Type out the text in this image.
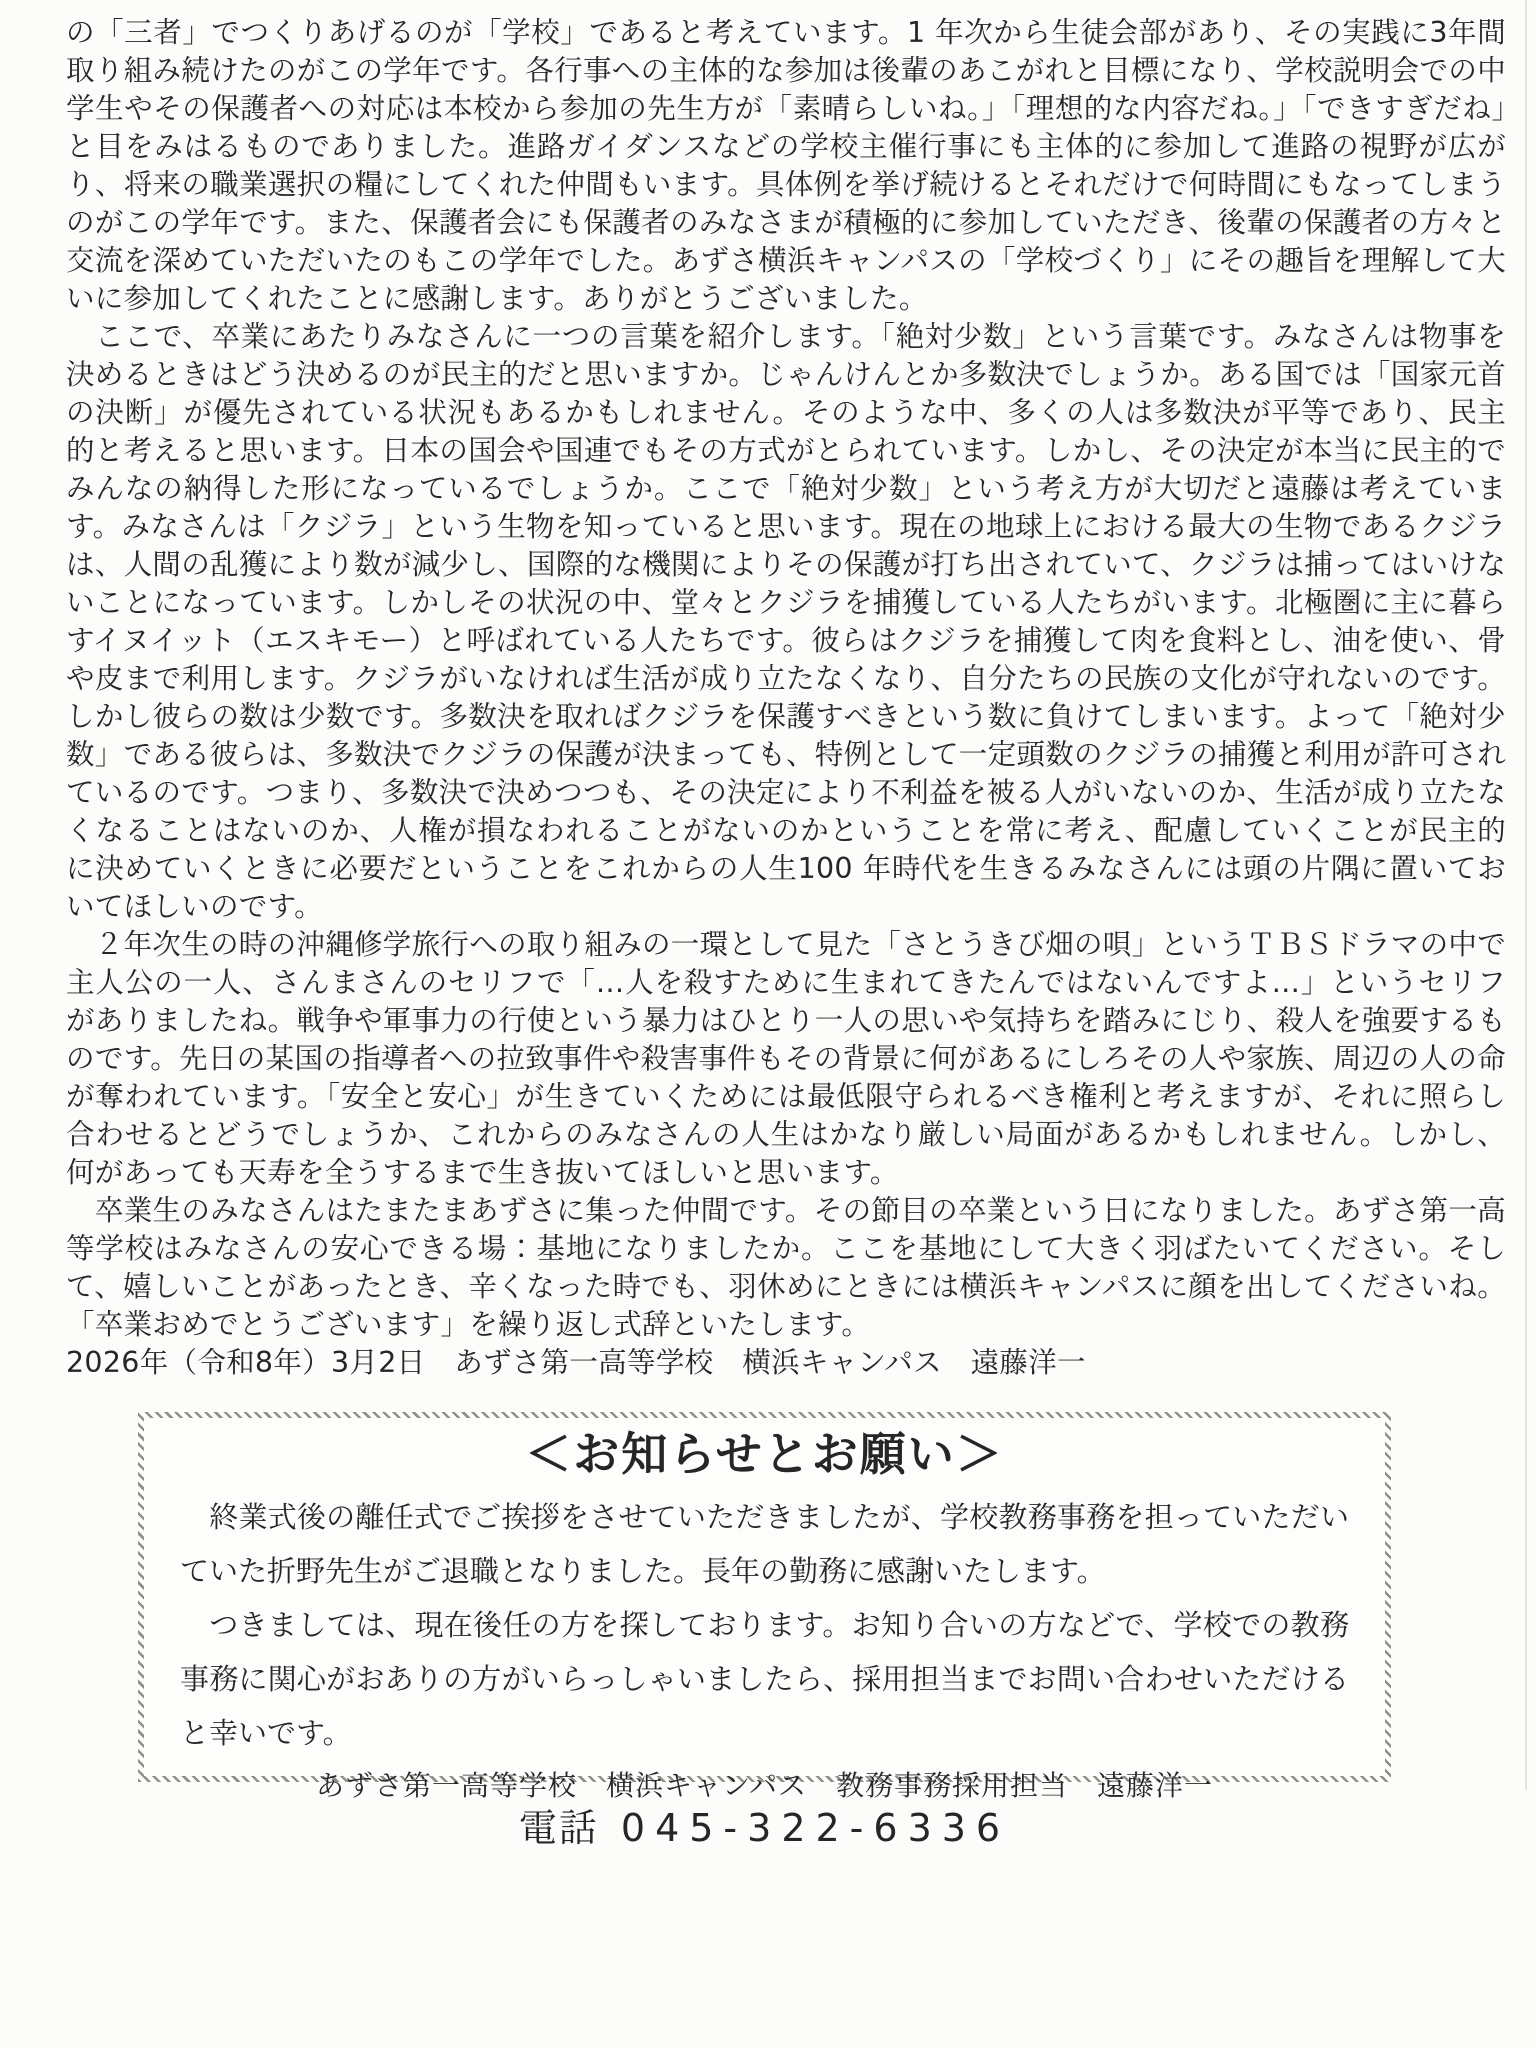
の「三者」でつくりあげるのが「学校」であると考えています。1 年次から生徒会部があり、その実践に3年間取り組み続けたのがこの学年です。各行事への主体的な参加は後輩のあこがれと目標になり、学校説明会での中学生やその保護者への対応は本校から参加の先生方が「素晴らしいね。」「理想的な内容だね。」「できすぎだね」と目をみはるものでありました。進路ガイダンスなどの学校主催行事にも主体的に参加して進路の視野が広がり、将来の職業選択の糧にしてくれた仲間もいます。具体例を挙げ続けるとそれだけで何時間にもなってしまうのがこの学年です。また、保護者会にも保護者のみなさまが積極的に参加していただき、後輩の保護者の方々と交流を深めていただいたのもこの学年でした。あずさ横浜キャンパスの「学校づくり」にその趣旨を理解して大いに参加してくれたことに感謝します。ありがとうございました。

　ここで、卒業にあたりみなさんに一つの言葉を紹介します。「絶対少数」という言葉です。みなさんは物事を決めるときはどう決めるのが民主的だと思いますか。じゃんけんとか多数決でしょうか。ある国では「国家元首の決断」が優先されている状況もあるかもしれません。そのような中、多くの人は多数決が平等であり、民主的と考えると思います。日本の国会や国連でもその方式がとられています。しかし、その決定が本当に民主的でみんなの納得した形になっているでしょうか。ここで「絶対少数」という考え方が大切だと遠藤は考えています。みなさんは「クジラ」という生物を知っていると思います。現在の地球上における最大の生物であるクジラは、人間の乱獲により数が減少し、国際的な機関によりその保護が打ち出されていて、クジラは捕ってはいけないことになっています。しかしその状況の中、堂々とクジラを捕獲している人たちがいます。北極圏に主に暮らすイヌイット（エスキモー）と呼ばれている人たちです。彼らはクジラを捕獲して肉を食料とし、油を使い、骨や皮まで利用します。クジラがいなければ生活が成り立たなくなり、自分たちの民族の文化が守れないのです。しかし彼らの数は少数です。多数決を取ればクジラを保護すべきという数に負けてしまいます。よって「絶対少数」である彼らは、多数決でクジラの保護が決まっても、特例として一定頭数のクジラの捕獲と利用が許可されているのです。つまり、多数決で決めつつも、その決定により不利益を被る人がいないのか、生活が成り立たなくなることはないのか、人権が損なわれることがないのかということを常に考え、配慮していくことが民主的に決めていくときに必要だということをこれからの人生100 年時代を生きるみなさんには頭の片隅に置いておいてほしいのです。

　２年次生の時の沖縄修学旅行への取り組みの一環として見た「さとうきび畑の唄」というＴＢＳドラマの中で主人公の一人、さんまさんのセリフで「…人を殺すために生まれてきたんではないんですよ…」というセリフがありましたね。戦争や軍事力の行使という暴力はひとり一人の思いや気持ちを踏みにじり、殺人を強要するものです。先日の某国の指導者への拉致事件や殺害事件もその背景に何があるにしろその人や家族、周辺の人の命が奪われています。「安全と安心」が生きていくためには最低限守られるべき権利と考えますが、それに照らし合わせるとどうでしょうか、これからのみなさんの人生はかなり厳しい局面があるかもしれません。しかし、何があっても天寿を全うするまで生き抜いてほしいと思います。

　卒業生のみなさんはたまたまあずさに集った仲間です。その節目の卒業という日になりました。あずさ第一高等学校はみなさんの安心できる場：基地になりましたか。ここを基地にして大きく羽ばたいてください。そして、嬉しいことがあったとき、辛くなった時でも、羽休めにときには横浜キャンパスに顔を出してくださいね。「卒業おめでとうございます」を繰り返し式辞といたします。

2026年（令和8年）3月2日　あずさ第一高等学校　横浜キャンパス　遠藤洋一

＜お知らせとお願い＞

　終業式後の離任式でご挨拶をさせていただきましたが、学校教務事務を担っていただいていた折野先生がご退職となりました。長年の勤務に感謝いたします。

　つきましては、現在後任の方を探しております。お知り合いの方などで、学校での教務事務に関心がおありの方がいらっしゃいましたら、採用担当までお問い合わせいただけると幸いです。

あずさ第一高等学校　横浜キャンパス　教務事務採用担当　遠藤洋一

電話 045-322-6336
